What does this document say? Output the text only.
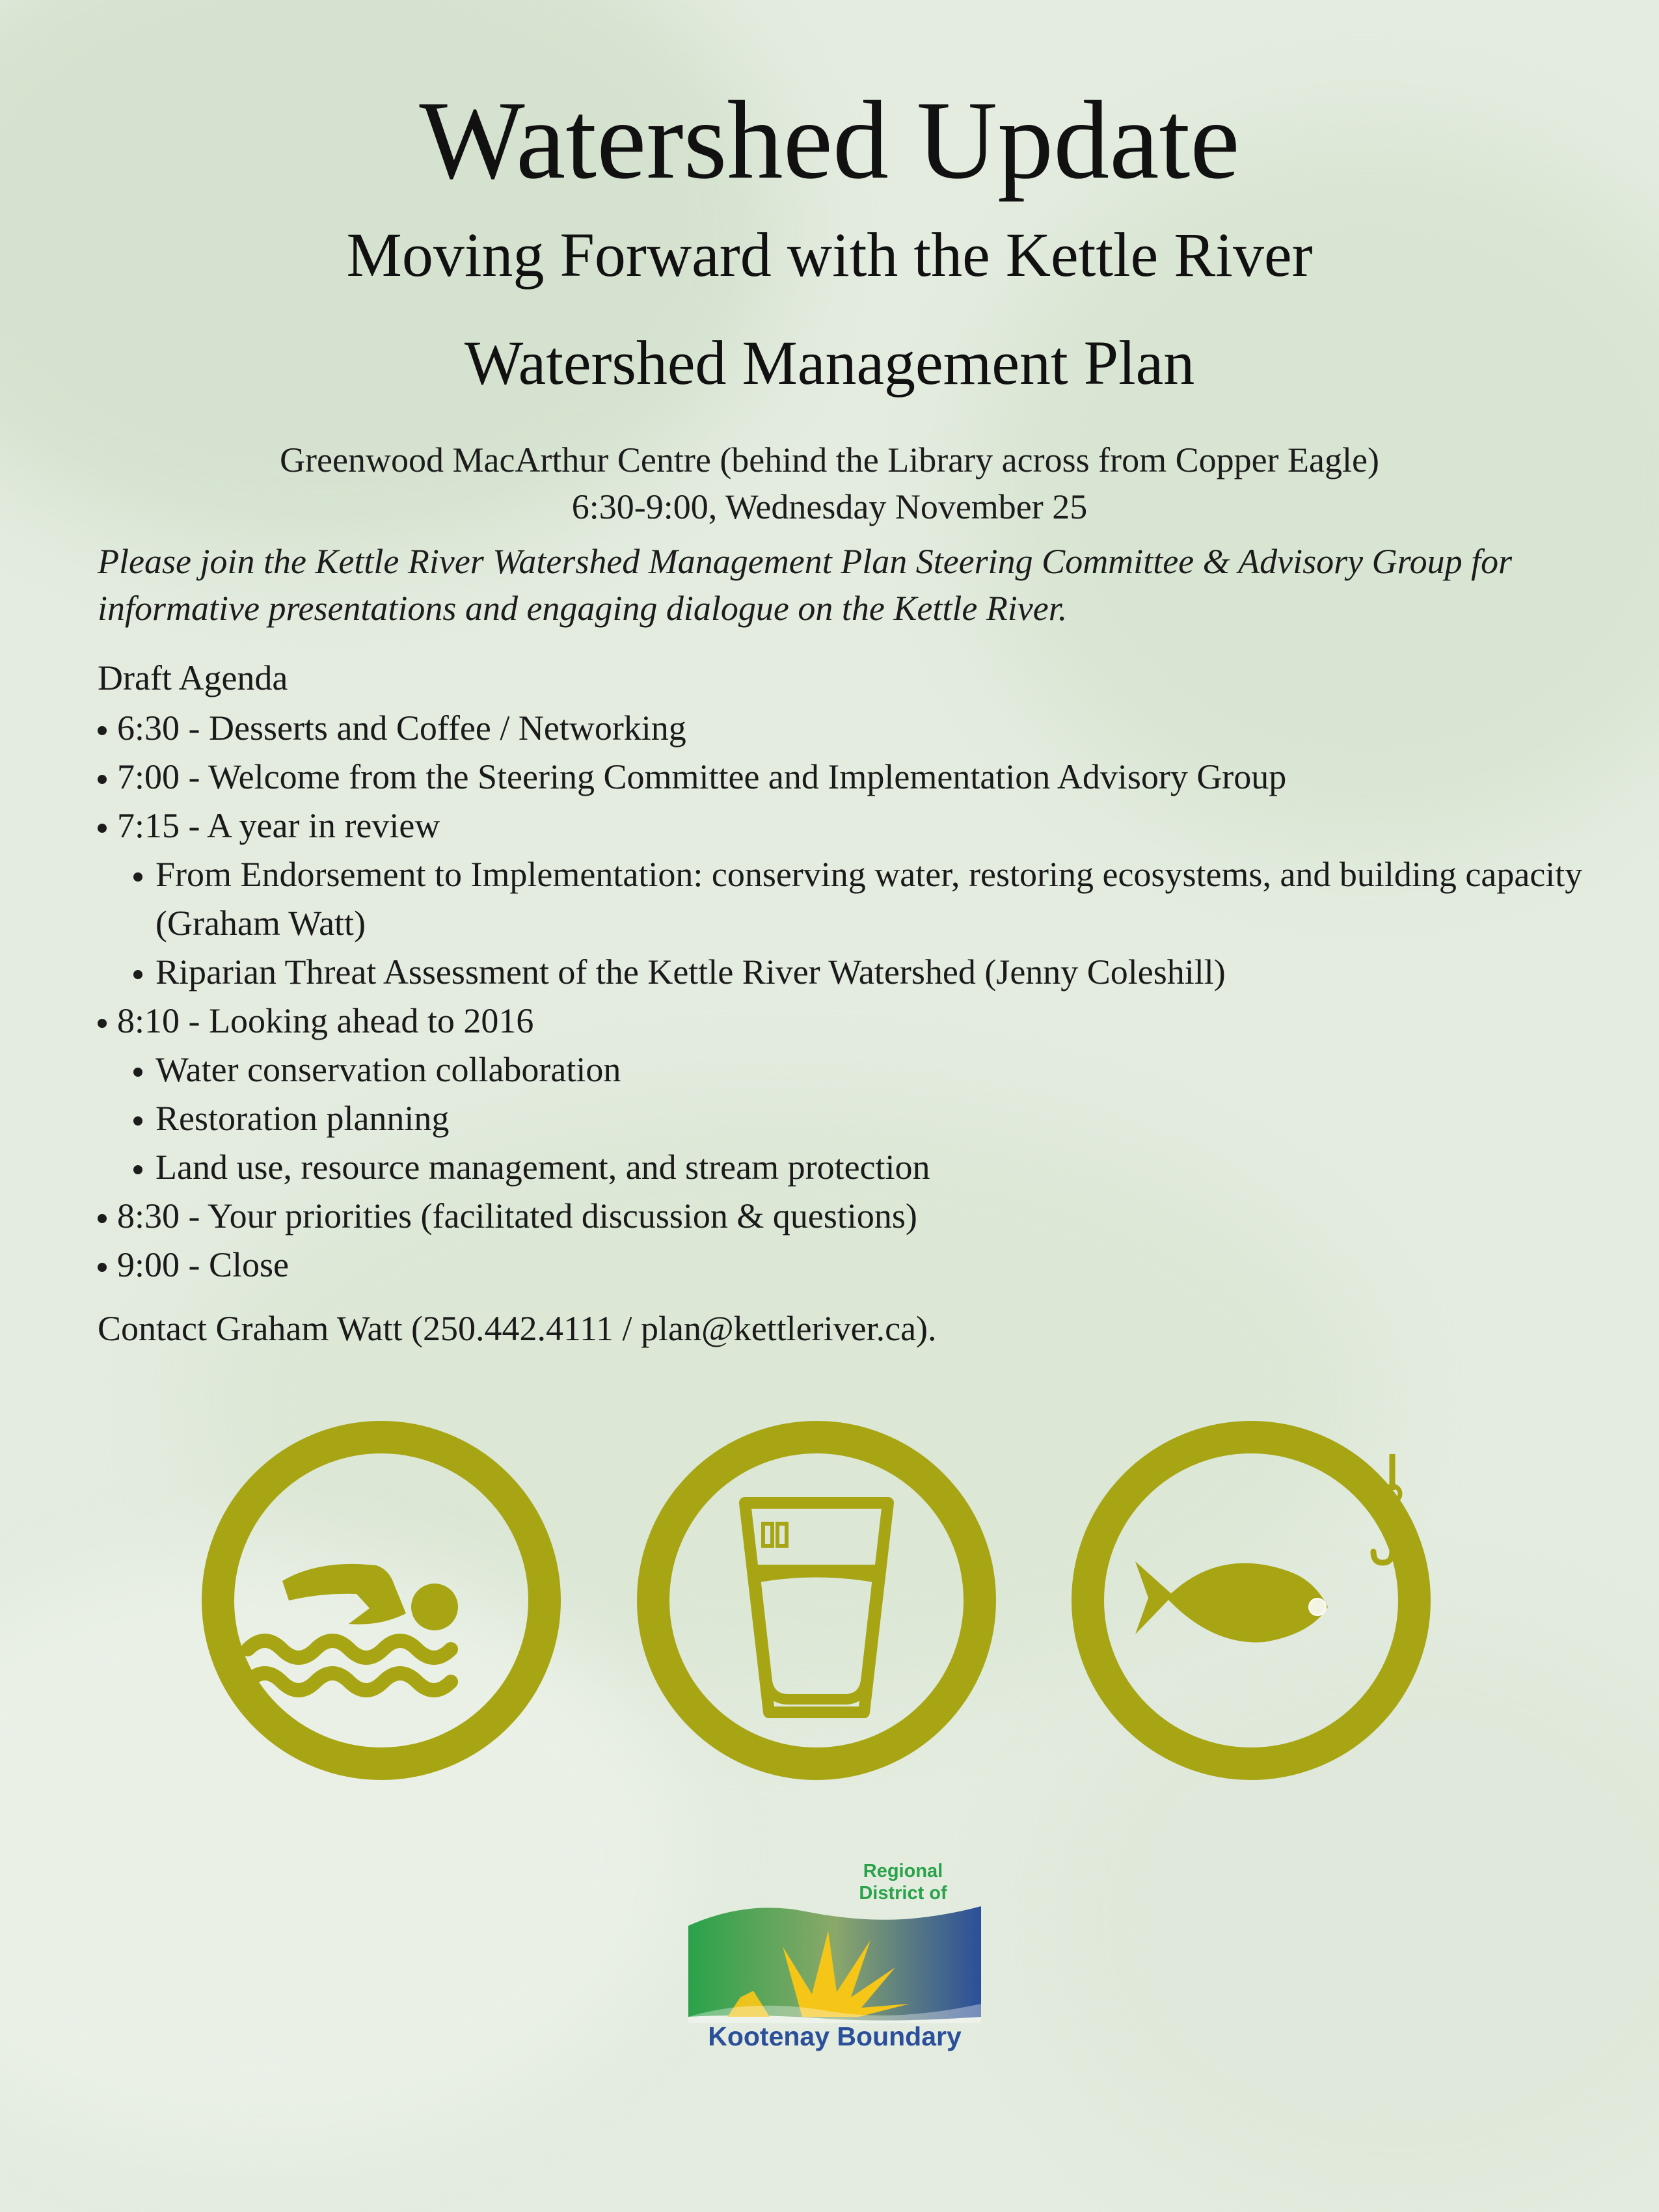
Watershed Update
Moving Forward with the Kettle River
Watershed Management Plan
Greenwood MacArthur Centre (behind the Library across from Copper Eagle)
6:30-9:00, Wednesday November 25

Please join the Kettle River Watershed Management Plan Steering Committee & Advisory Group for informative presentations and engaging dialogue on the Kettle River.

Draft Agenda
6:30 - Desserts and Coffee / Networking
7:00 - Welcome from the Steering Committee and Implementation Advisory Group
7:15 - A year in review
From Endorsement to Implementation: conserving water, restoring ecosystems, and building capacity (Graham Watt)
Riparian Threat Assessment of the Kettle River Watershed (Jenny Coleshill)
8:10 - Looking ahead to 2016
Water conservation collaboration
Restoration planning
Land use, resource management, and stream protection
8:30 - Your priorities (facilitated discussion & questions)
9:00 - Close
Contact Graham Watt (250.442.4111 / plan@kettleriver.ca).
Regional
District of
Kootenay Boundary
